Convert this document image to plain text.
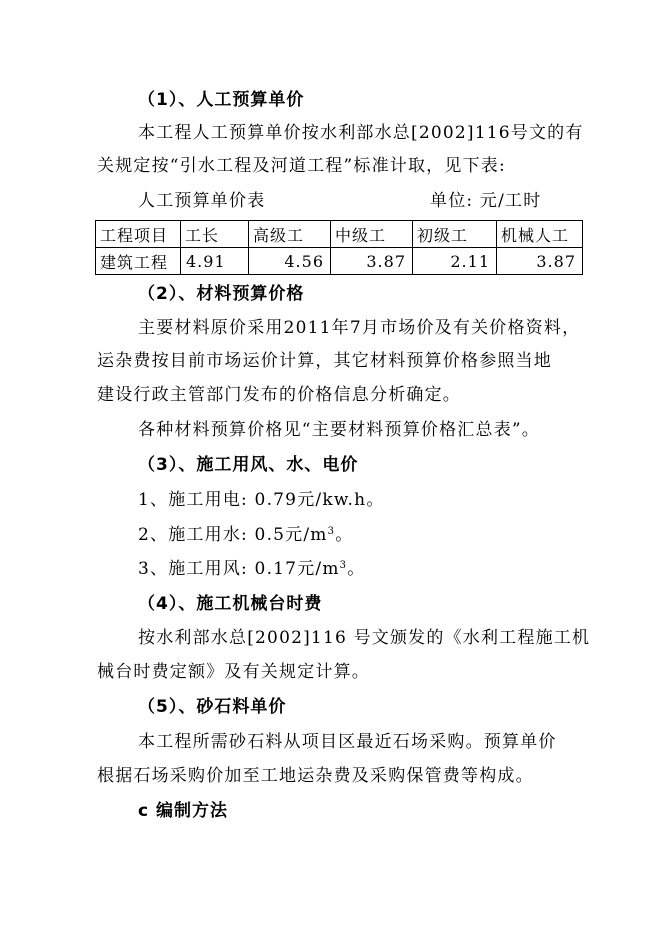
（1）、人工预算单价
本工程人工预算单价按水利部水总[2002]116号文的有
关规定按“引水工程及河道工程”标准计取，见下表:
人工预算单价表	单位: 元/工时
工程项目	工长	高级工	中级工	初级工	机械人工
建筑工程	4.91	4.56	3.87	2.11	3.87
（2）、材料预算价格
主要材料原价采用2011年7月市场价及有关价格资料，
运杂费按目前市场运价计算，其它材料预算价格参照当地
建设行政主管部门发布的价格信息分析确定。
各种材料预算价格见“主要材料预算价格汇总表”。
（3）、施工用风、水、电价
1、施工用电: 0.79元/kw.h。
2、施工用水: 0.5元$/m^3$。
3、施工用风: 0.17元$/m^3$。
（4）、施工机械台时费
按水利部水总[2002]116 号文颁发的《水利工程施工机
械台时费定额》及有关规定计算。
（5）、砂石料单价
本工程所需砂石料从项目区最近石场采购。预算单价
根据石场采购价加至工地运杂费及采购保管费等构成。
c 编制方法
